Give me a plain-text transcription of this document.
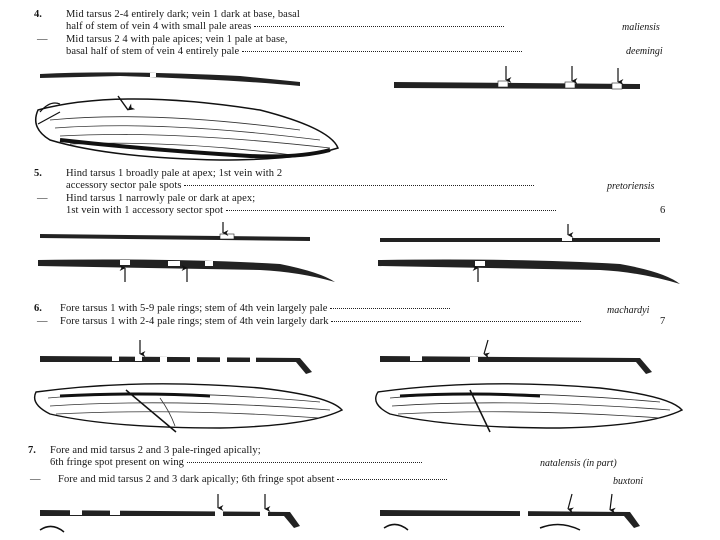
4. Mid tarsus 2-4 entirely dark; vein 1 dark at base, basal
half of stem of vein 4 with small pale areas	maliensis
— Mid tarsus 2 4 with pale apices; vein 1 pale at base,
basal half of stem of vein 4 entirely pale	deemingi
5. Hind tarsus 1 broadly pale at apex; 1st vein with 2
accessory sector pale spots	pretoriensis
— Hind tarsus 1 narrowly pale or dark at apex;
1st vein with 1 accessory sector spot	6
6. Fore tarsus 1 with 5-9 pale rings; stem of 4th vein largely pale	machardyi
— Fore tarsus 1 with 2-4 pale rings; stem of 4th vein largely dark	7
7. Fore and mid tarsus 2 and 3 pale-ringed apically;
6th fringe spot present on wing	natalensis (in part)
— Fore and mid tarsus 2 and 3 dark apically; 6th fringe spot absent	buxtoni
